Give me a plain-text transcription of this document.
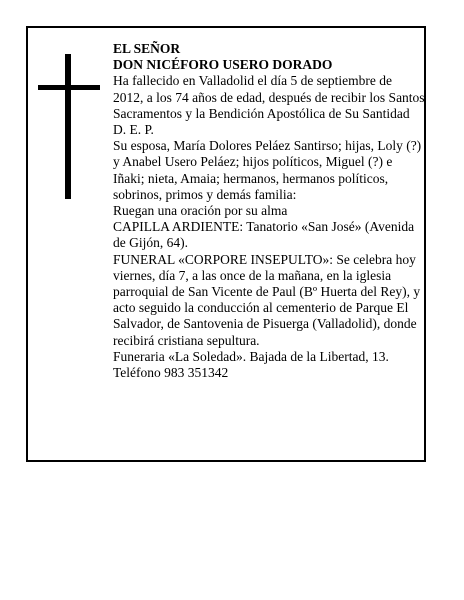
EL SEÑOR

DON NICÉFORO USERO DORADO

Ha fallecido en Valladolid el día 5 de septiembre de 2012, a los 74 años de edad, después de recibir los Santos Sacramentos y la Bendición Apostólica de Su Santidad

D. E. P.

Su esposa, María Dolores Peláez Santirso; hijas, Loly (?) y Anabel Usero Peláez; hijos políticos, Miguel (?) e Iñaki; nieta, Amaia; hermanos, hermanos políticos, sobrinos, primos y demás familia:

Ruegan una oración por su alma

CAPILLA ARDIENTE: Tanatorio «San José» (Avenida de Gijón, 64).

FUNERAL «CORPORE INSEPULTO»: Se celebra hoy viernes, día 7, a las once de la mañana, en la iglesia parroquial de San Vicente de Paul (Bº Huerta del Rey), y acto seguido la conducción al cementerio de Parque El Salvador, de Santovenia de Pisuerga (Valladolid), donde recibirá cristiana sepultura.

Funeraria «La Soledad». Bajada de la Libertad, 13. Teléfono 983 351342
